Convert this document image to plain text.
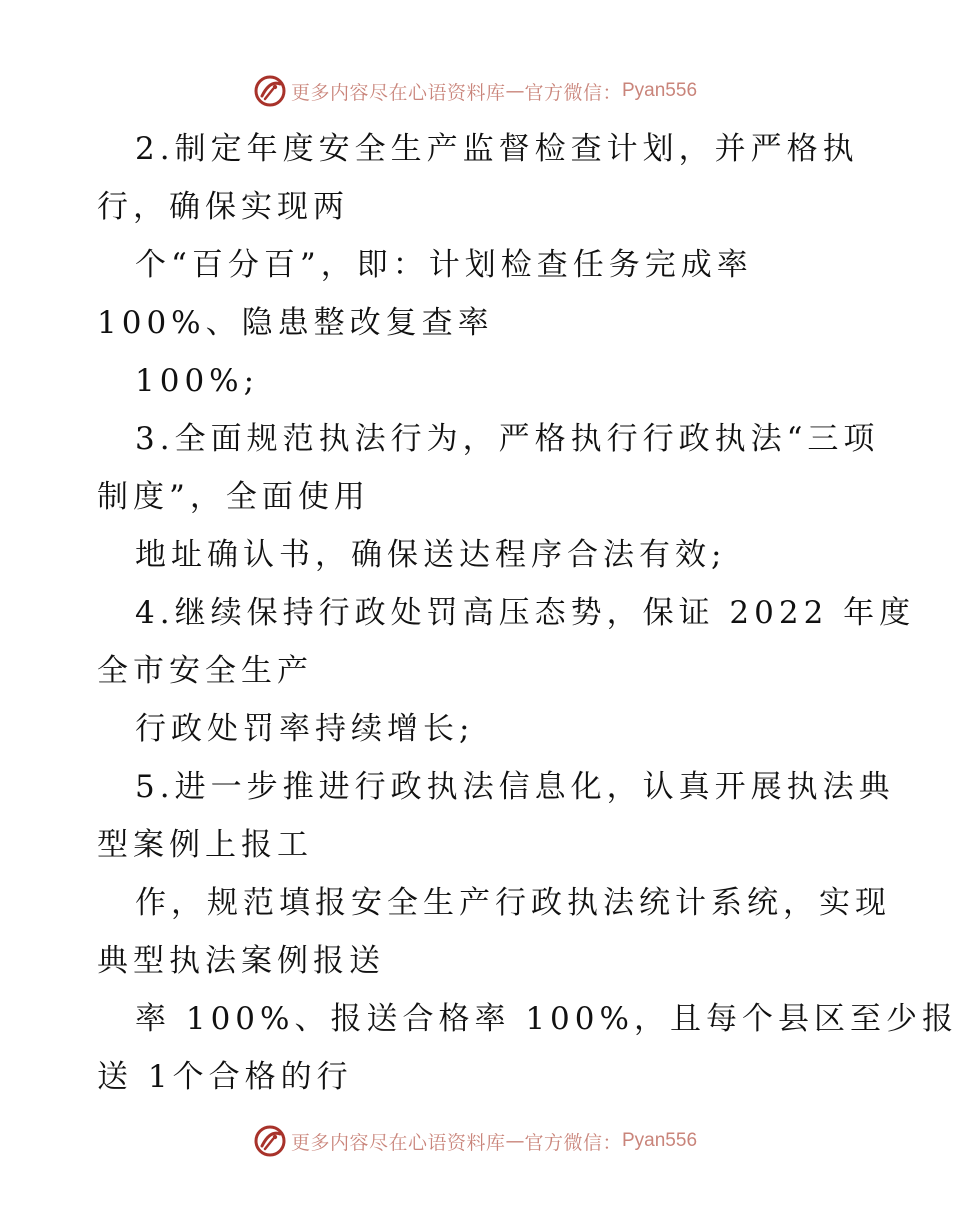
更多内容尽在心语资料库 — 官方微信： Pyan556
2.制定年度安全生产监督检查计划，并严格执
行，确保实现两
个“百分百”，即：计划检查任务完成率
100%、隐患整改复查率
100%;
3.全面规范执法行为，严格执行行政执法“三项
制度”，全面使用
地址确认书，确保送达程序合法有效;
4.继续保持行政处罚高压态势，保证 2022 年度
全市安全生产
行政处罚率持续增长;
5.进一步推进行政执法信息化，认真开展执法典
型案例上报工
作，规范填报安全生产行政执法统计系统，实现
典型执法案例报送
率 100%、报送合格率 100%，且每个县区至少报
送 1个合格的行
更多内容尽在心语资料库 — 官方微信： Pyan556
